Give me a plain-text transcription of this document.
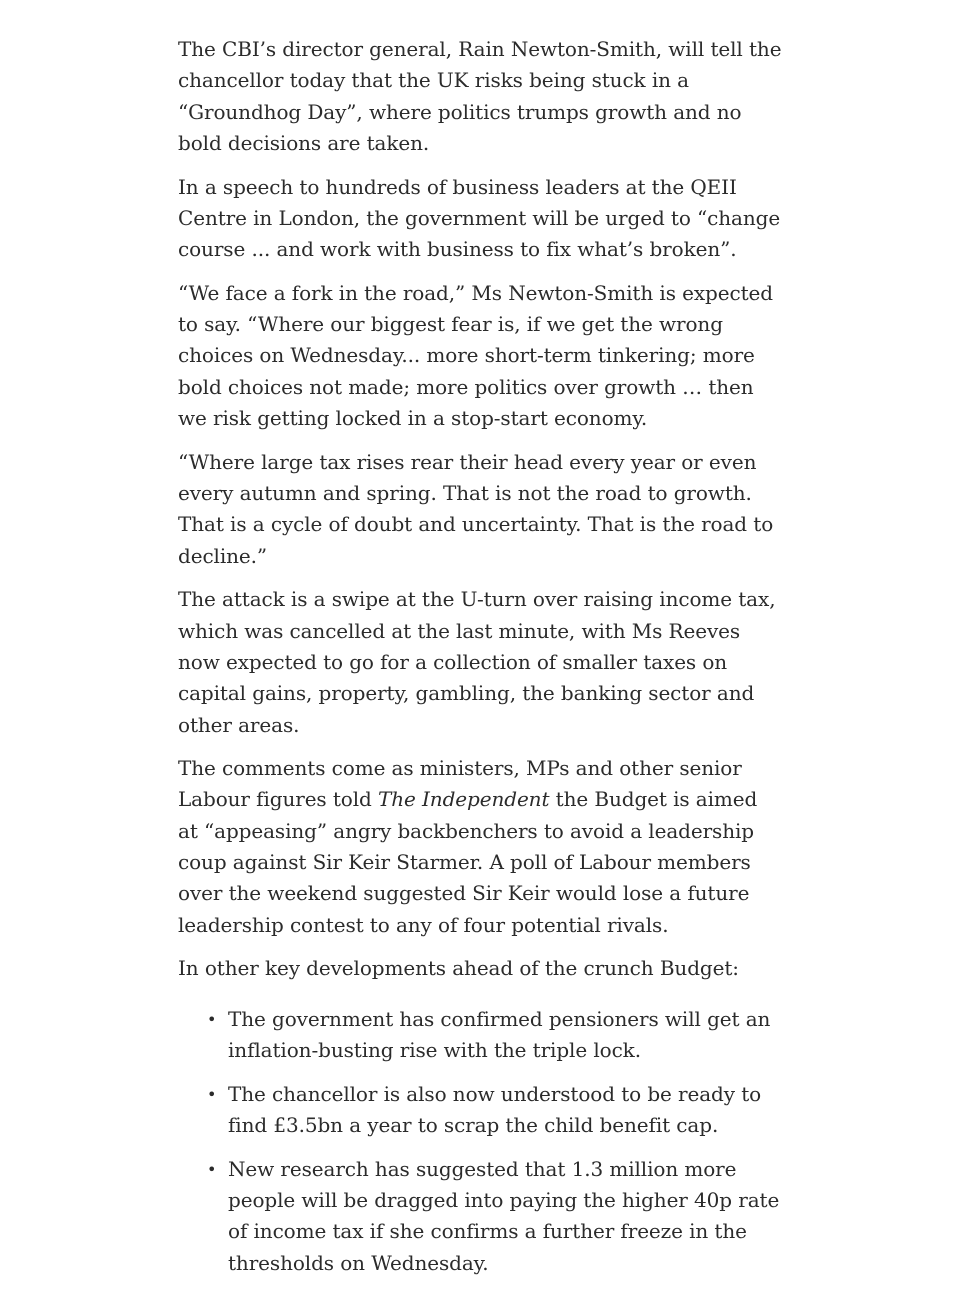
The CBI’s director general, Rain Newton-Smith, will tell the chancellor today that the UK risks being stuck in a “Groundhog Day”, where politics trumps growth and no bold decisions are taken.

In a speech to hundreds of business leaders at the QEII Centre in London, the government will be urged to “change course ... and work with business to fix what’s broken”.

“We face a fork in the road,” Ms Newton-Smith is expected to say. “Where our biggest fear is, if we get the wrong choices on Wednesday... more short-term tinkering; more bold choices not made; more politics over growth … then we risk getting locked in a stop-start economy.

“Where large tax rises rear their head every year or even every autumn and spring. That is not the road to growth. That is a cycle of doubt and uncertainty. That is the road to decline.”

The attack is a swipe at the U-turn over raising income tax, which was cancelled at the last minute, with Ms Reeves now expected to go for a collection of smaller taxes on capital gains, property, gambling, the banking sector and other areas.

The comments come as ministers, MPs and other senior Labour figures told The Independent the Budget is aimed at “appeasing” angry backbenchers to avoid a leadership coup against Sir Keir Starmer. A poll of Labour members over the weekend suggested Sir Keir would lose a future leadership contest to any of four potential rivals.

In other key developments ahead of the crunch Budget:

• The government has confirmed pensioners will get an inflation-busting rise with the triple lock.
• The chancellor is also now understood to be ready to find £3.5bn a year to scrap the child benefit cap.
• New research has suggested that 1.3 million more people will be dragged into paying the higher 40p rate of income tax if she confirms a further freeze in the thresholds on Wednesday.
